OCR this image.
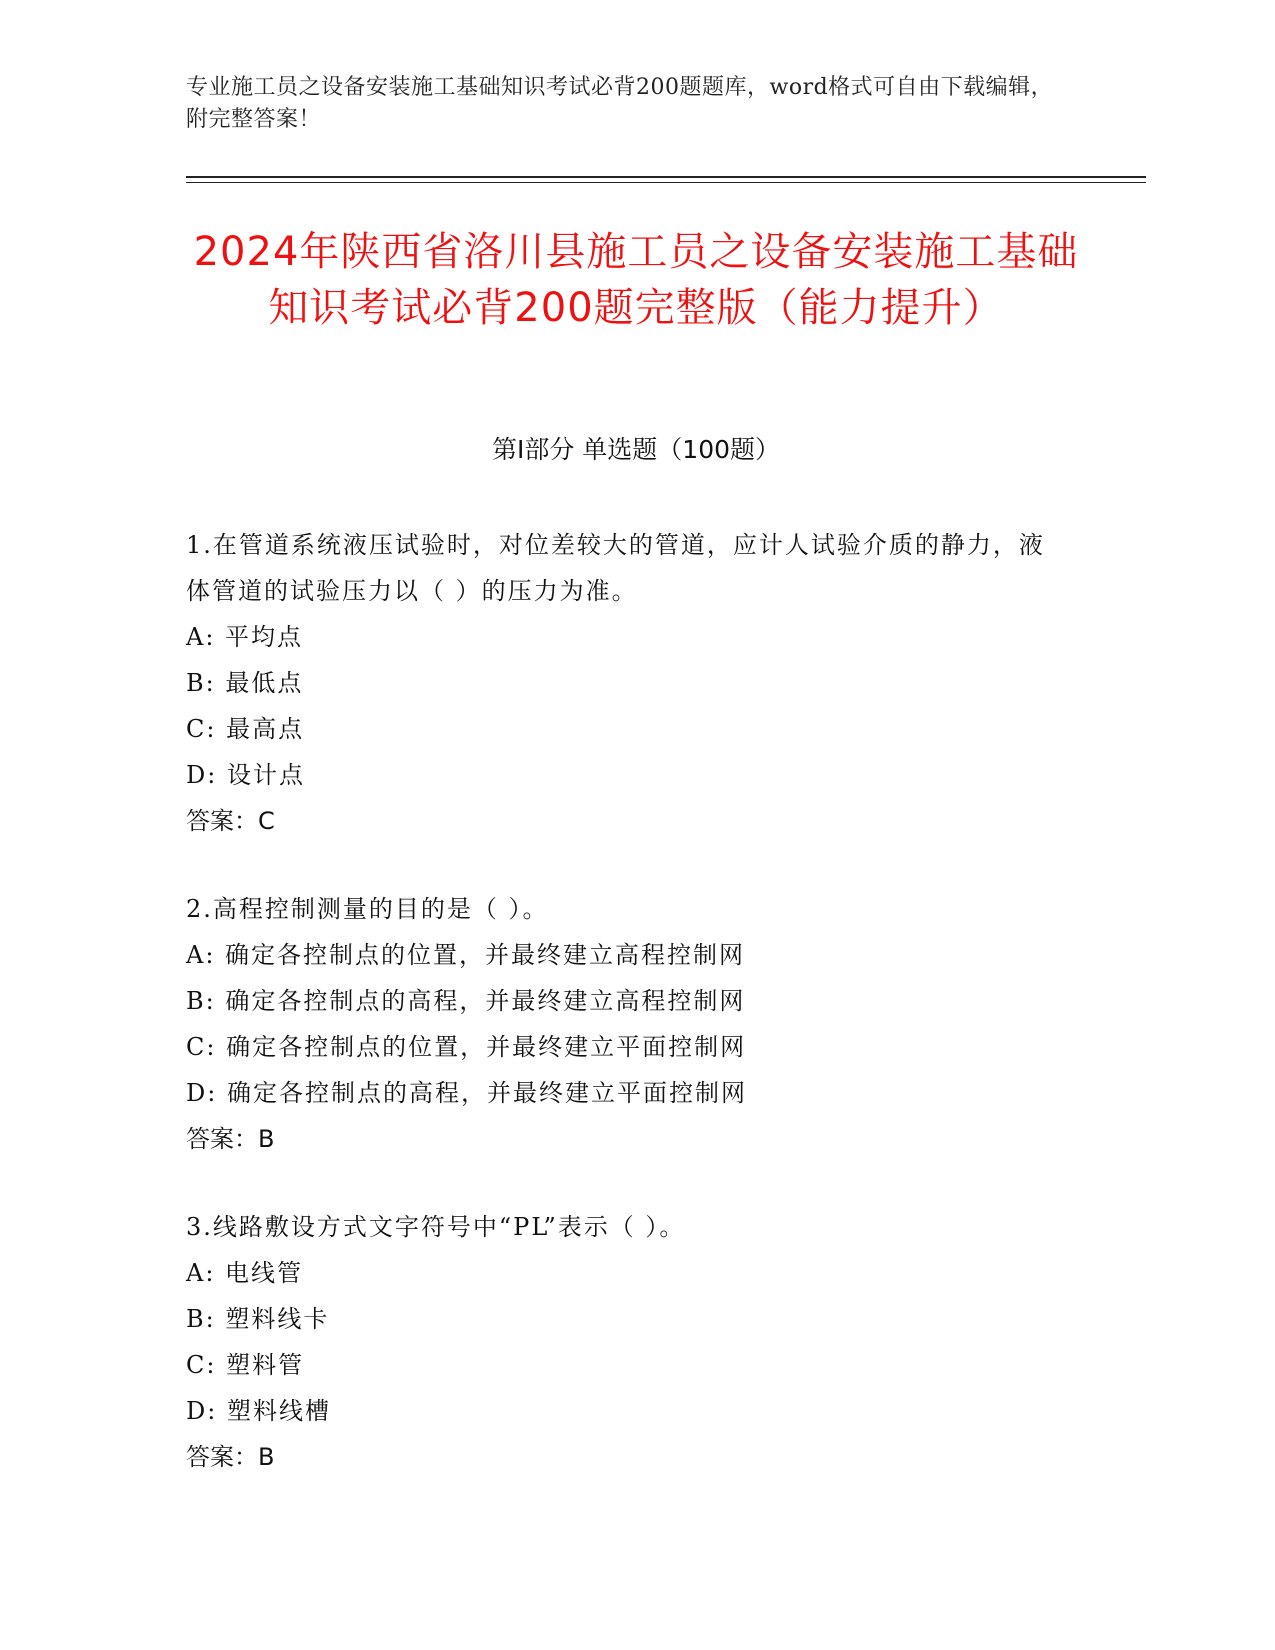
专业施工员之设备安装施工基础知识考试必背200题题库，word格式可自由下载编辑，附完整答案！
2024年陕西省洛川县施工员之设备安装施工基础知识考试必背200题完整版（能力提升）
第I部分 单选题（100题）

1.在管道系统液压试验时，对位差较大的管道，应计人试验介质的静力，液体管道的试验压力以（ ）的压力为准。

A: 平均点

B: 最低点

C: 最高点

D: 设计点

答案：C

2.高程控制测量的目的是（ ）。

A: 确定各控制点的位置，并最终建立高程控制网

B: 确定各控制点的高程，并最终建立高程控制网

C: 确定各控制点的位置，并最终建立平面控制网

D: 确定各控制点的高程，并最终建立平面控制网

答案：B

3.线路敷设方式文字符号中“PL”表示（ ）。

A: 电线管

B: 塑料线卡

C: 塑料管

D: 塑料线槽

答案：B
